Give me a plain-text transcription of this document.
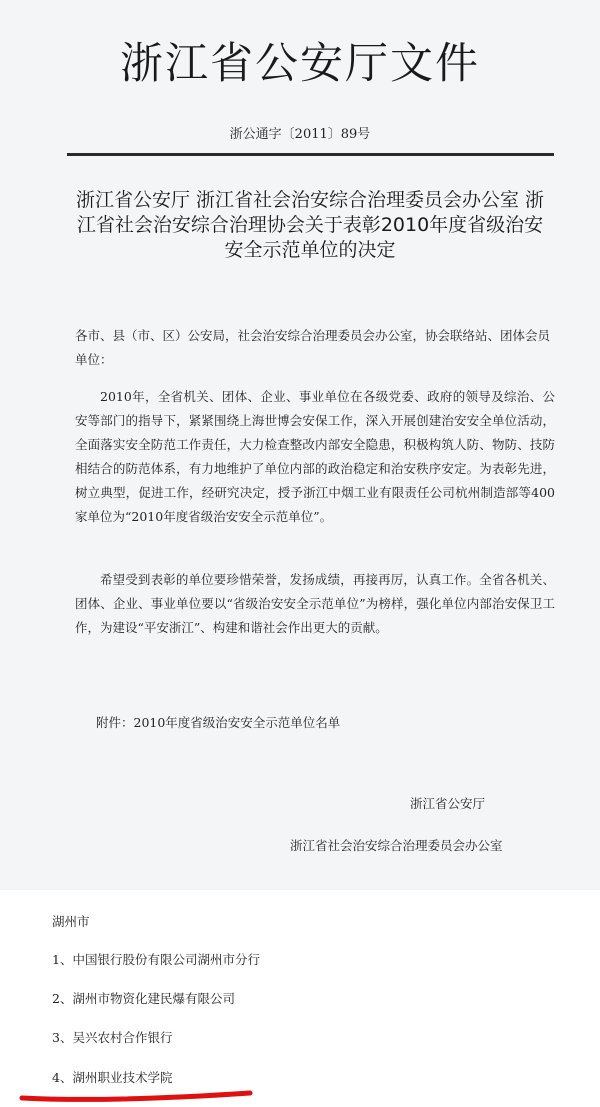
浙江省公安厅文件
浙公通字〔2011〕89号
浙江省公安厅 浙江省社会治安综合治理委员会办公室 浙江省社会治安综合治理协会关于表彰2010年度省级治安安全示范单位的决定
各市、县（市、区）公安局，社会治安综合治理委员会办公室，协会联络站、团体会员单位：
2010年，全省机关、团体、企业、事业单位在各级党委、政府的领导及综治、公安等部门的指导下，紧紧围绕上海世博会安保工作，深入开展创建治安安全单位活动，全面落实安全防范工作责任，大力检查整改内部安全隐患，积极构筑人防、物防、技防相结合的防范体系，有力地维护了单位内部的政治稳定和治安秩序安定。为表彰先进，树立典型，促进工作，经研究决定，授予浙江中烟工业有限责任公司杭州制造部等400家单位为“2010年度省级治安安全示范单位”。
希望受到表彰的单位要珍惜荣誉，发扬成绩，再接再厉，认真工作。全省各机关、团体、企业、事业单位要以“省级治安安全示范单位”为榜样，强化单位内部治安保卫工作，为建设“平安浙江”、构建和谐社会作出更大的贡献。
附件：2010年度省级治安安全示范单位名单
浙江省公安厅
浙江省社会治安综合治理委员会办公室
湖州市
1、中国银行股份有限公司湖州市分行
2、湖州市物资化建民爆有限公司
3、吴兴农村合作银行
4、湖州职业技术学院
